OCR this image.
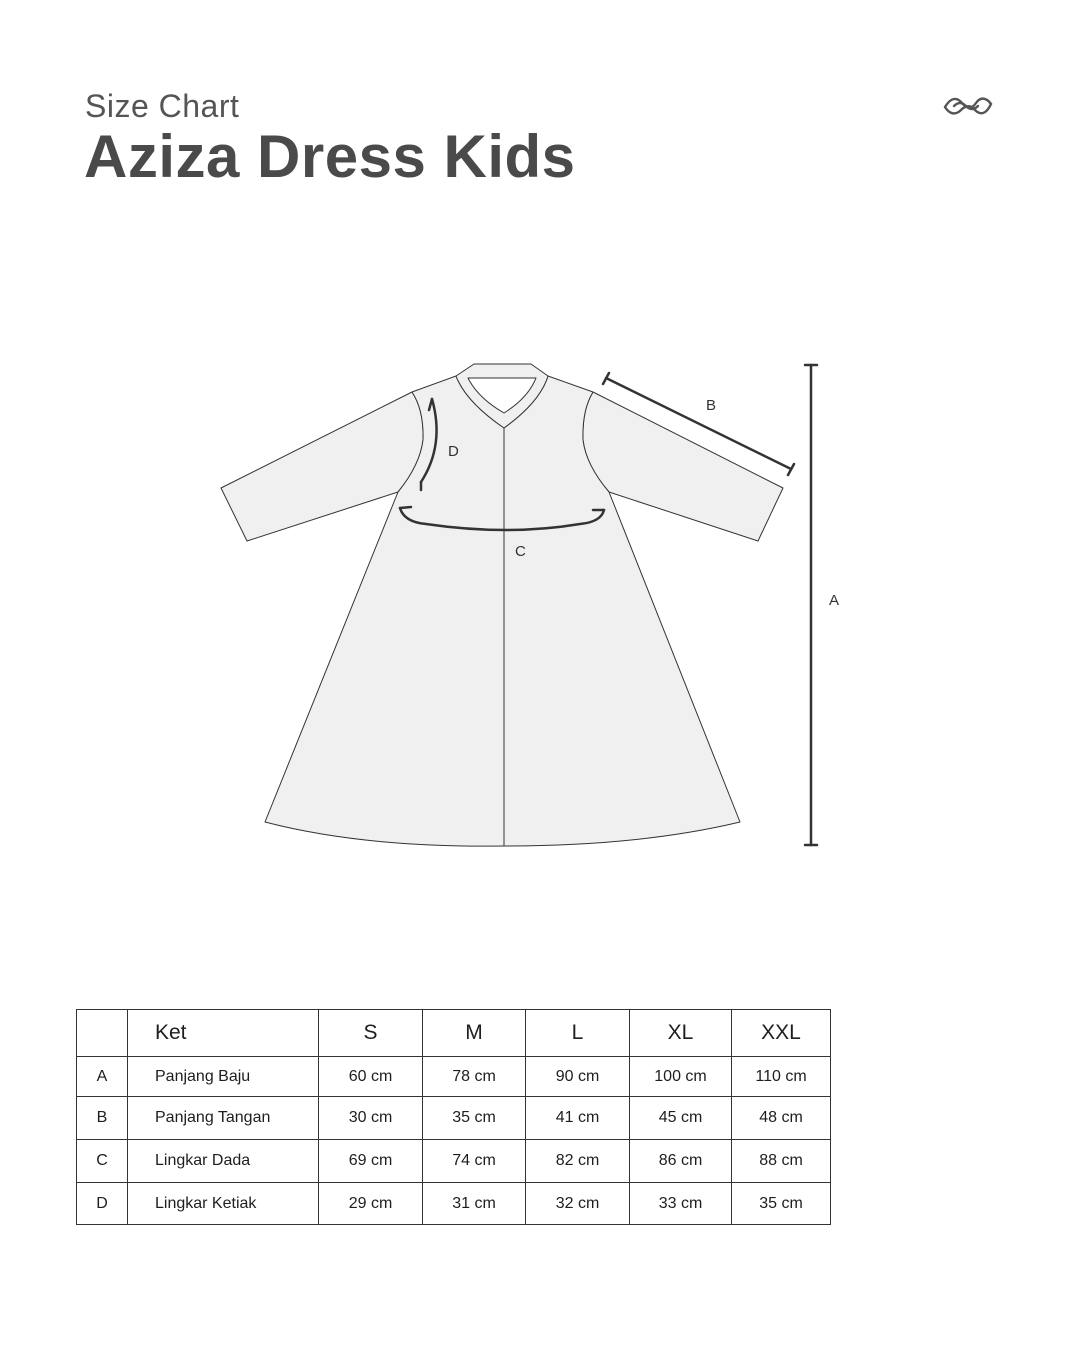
Size Chart
Aziza Dress Kids
A
B
C
D
	Ket	S	M	L	XL	XXL
A	Panjang Baju	60 cm	78 cm	90 cm	100 cm	110 cm
B	Panjang Tangan	30 cm	35 cm	41 cm	45 cm	48 cm
C	Lingkar Dada	69 cm	74 cm	82 cm	86 cm	88 cm
D	Lingkar Ketiak	29 cm	31 cm	32 cm	33 cm	35 cm
